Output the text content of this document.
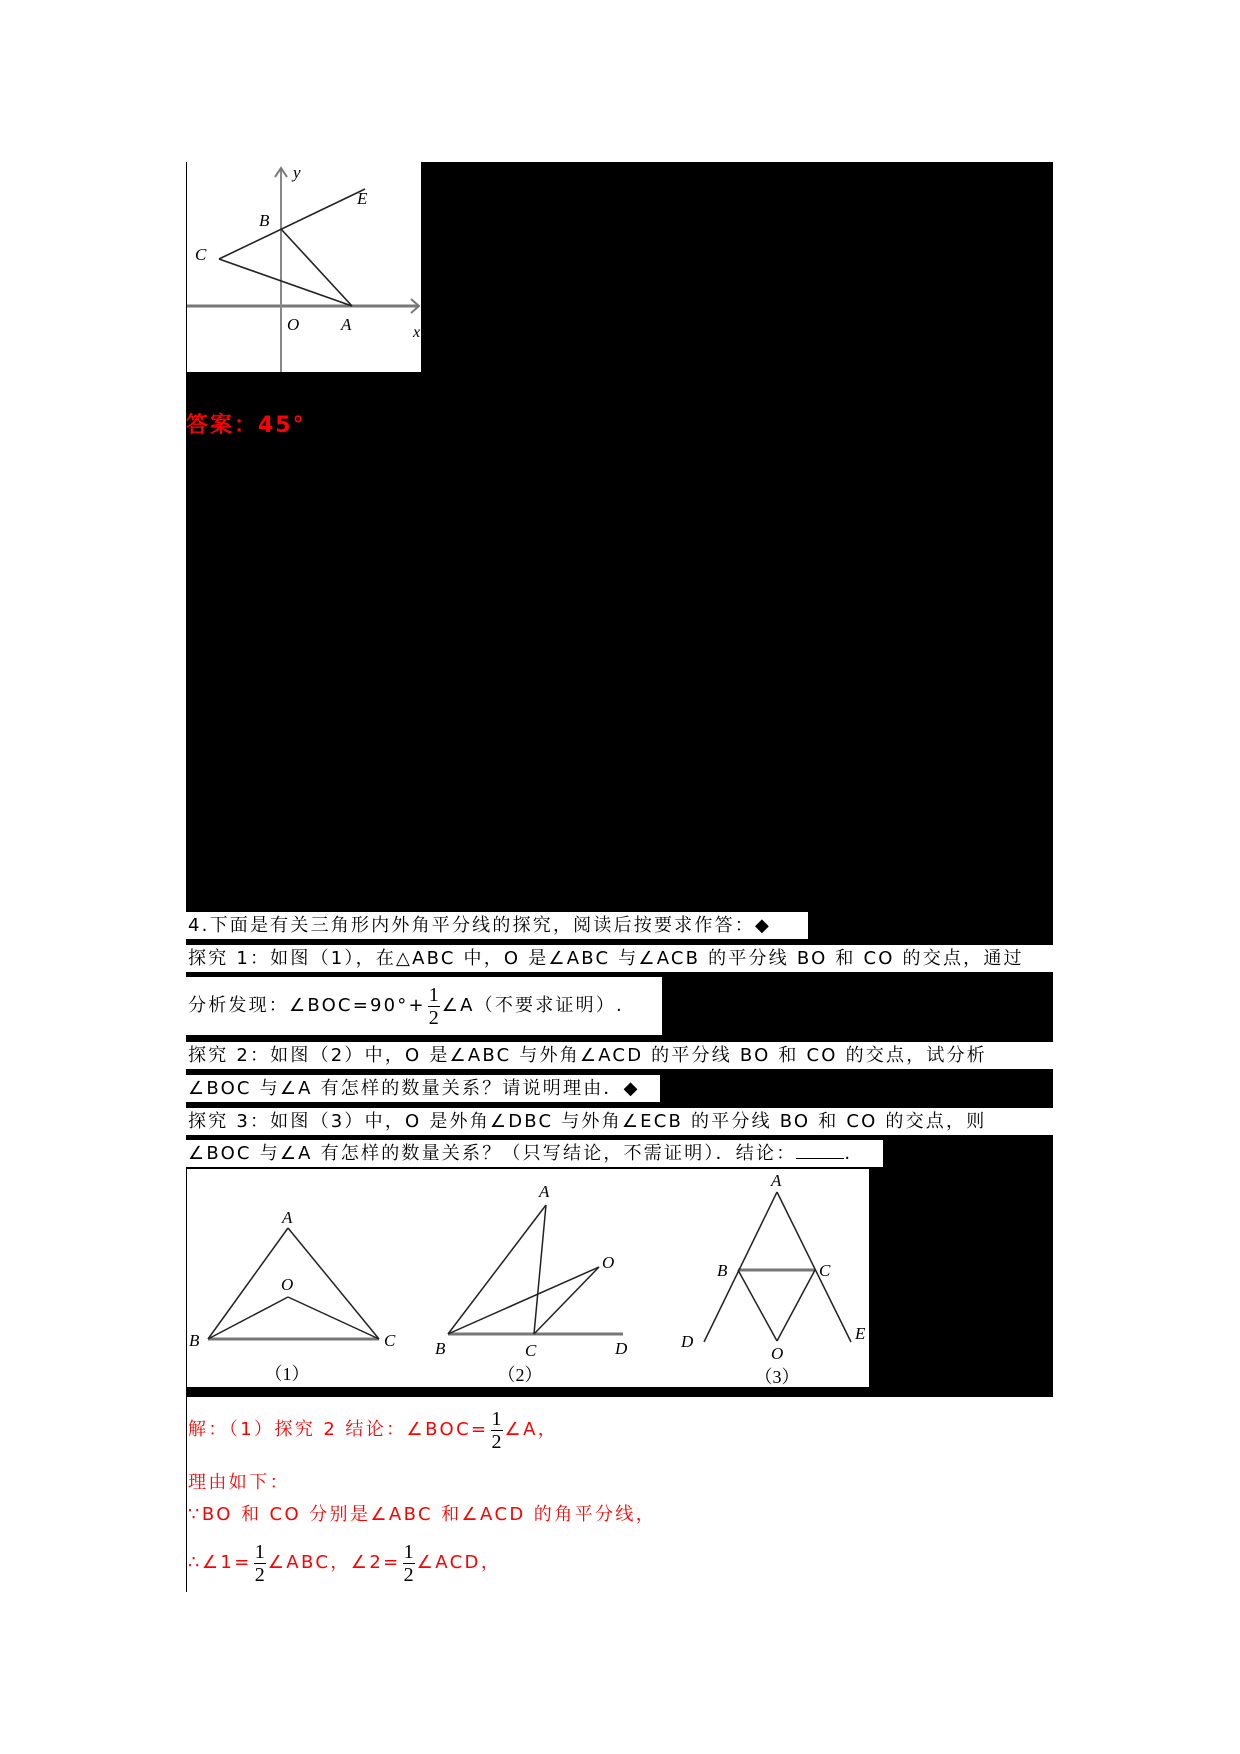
y
x
E
B
C
O A
答案：45°
4.下面是有关三角形内外角平分线的探究，阅读后按要求作答：◆
探究 1：如图（1），在△ABC 中，O 是∠ABC 与∠ACB 的平分线 BO 和 CO 的交点，通过
分析发现：∠BOC=90°+ $\frac{1}{2}$ ∠A（不要求证明）.
探究 2：如图（2）中，O 是∠ABC 与外角∠ACD 的平分线 BO 和 CO 的交点，试分析
∠BOC 与∠A 有怎样的数量关系？请说明理由．◆
探究 3：如图（3）中，O 是外角∠DBC 与外角∠ECB 的平分线 BO 和 CO 的交点，则
∠BOC 与∠A 有怎样的数量关系？（只写结论，不需证明）．结论：	.
A
O
B	C
（1）
A
O
B	C	D
（2）
A
B	C
D	E
O
（3）
解：（1）探究 2 结论：∠BOC= $\frac{1}{2}$ ∠A，
理由如下：
∵BO 和 CO 分别是∠ABC 和∠ACD 的角平分线，
∴∠1= $\frac{1}{2}$ ∠ABC，∠2= $\frac{1}{2}$ ∠ACD，
